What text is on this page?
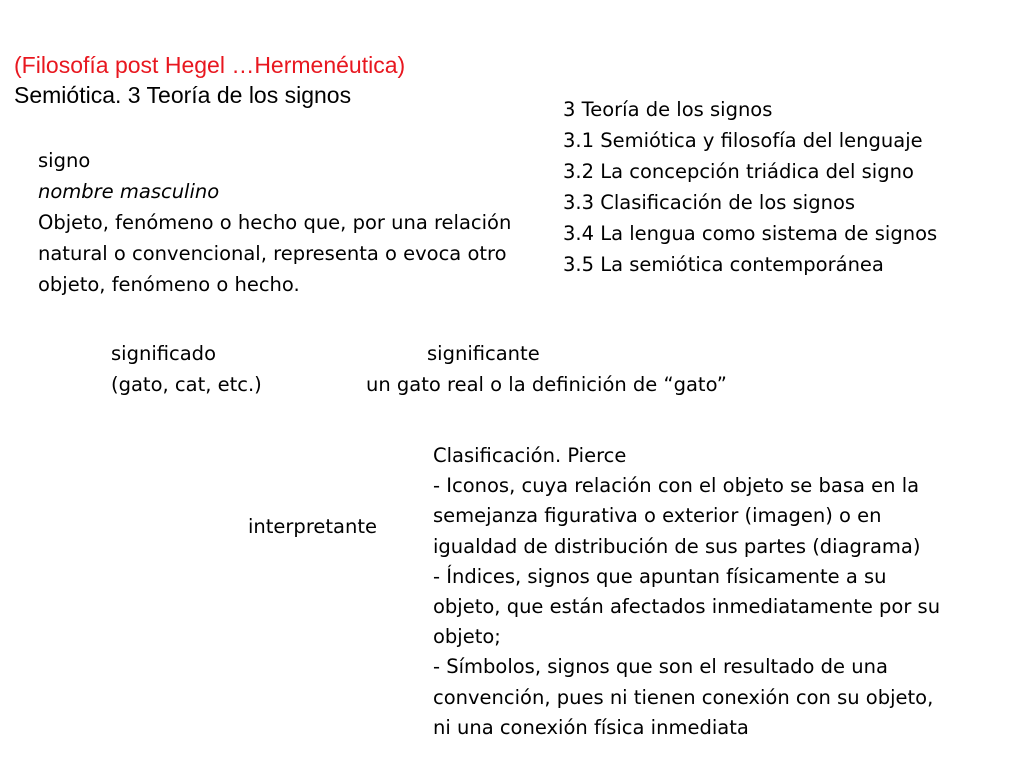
(Filosofía post Hegel …Hermenéutica)
Semiótica. 3 Teoría de los signos
3 Teoría de los signos
3.1 Semiótica y filosofía del lenguaje
3.2 La concepción triádica del signo
3.3 Clasificación de los signos
3.4 La lengua como sistema de signos
3.5 La semiótica contemporánea
signo
nombre masculino
Objeto, fenómeno o hecho que, por una relación
natural o convencional, representa o evoca otro
objeto, fenómeno o hecho.
significado
(gato, cat, etc.)
significante
un gato real o la definición de “gato”
interpretante
Clasificación. Pierce
- Iconos, cuya relación con el objeto se basa en la
semejanza figurativa o exterior (imagen) o en
igualdad de distribución de sus partes (diagrama)
- Índices, signos que apuntan físicamente a su
objeto, que están afectados inmediatamente por su
objeto;
- Símbolos, signos que son el resultado de una
convención, pues ni tienen conexión con su objeto,
ni una conexión física inmediata
